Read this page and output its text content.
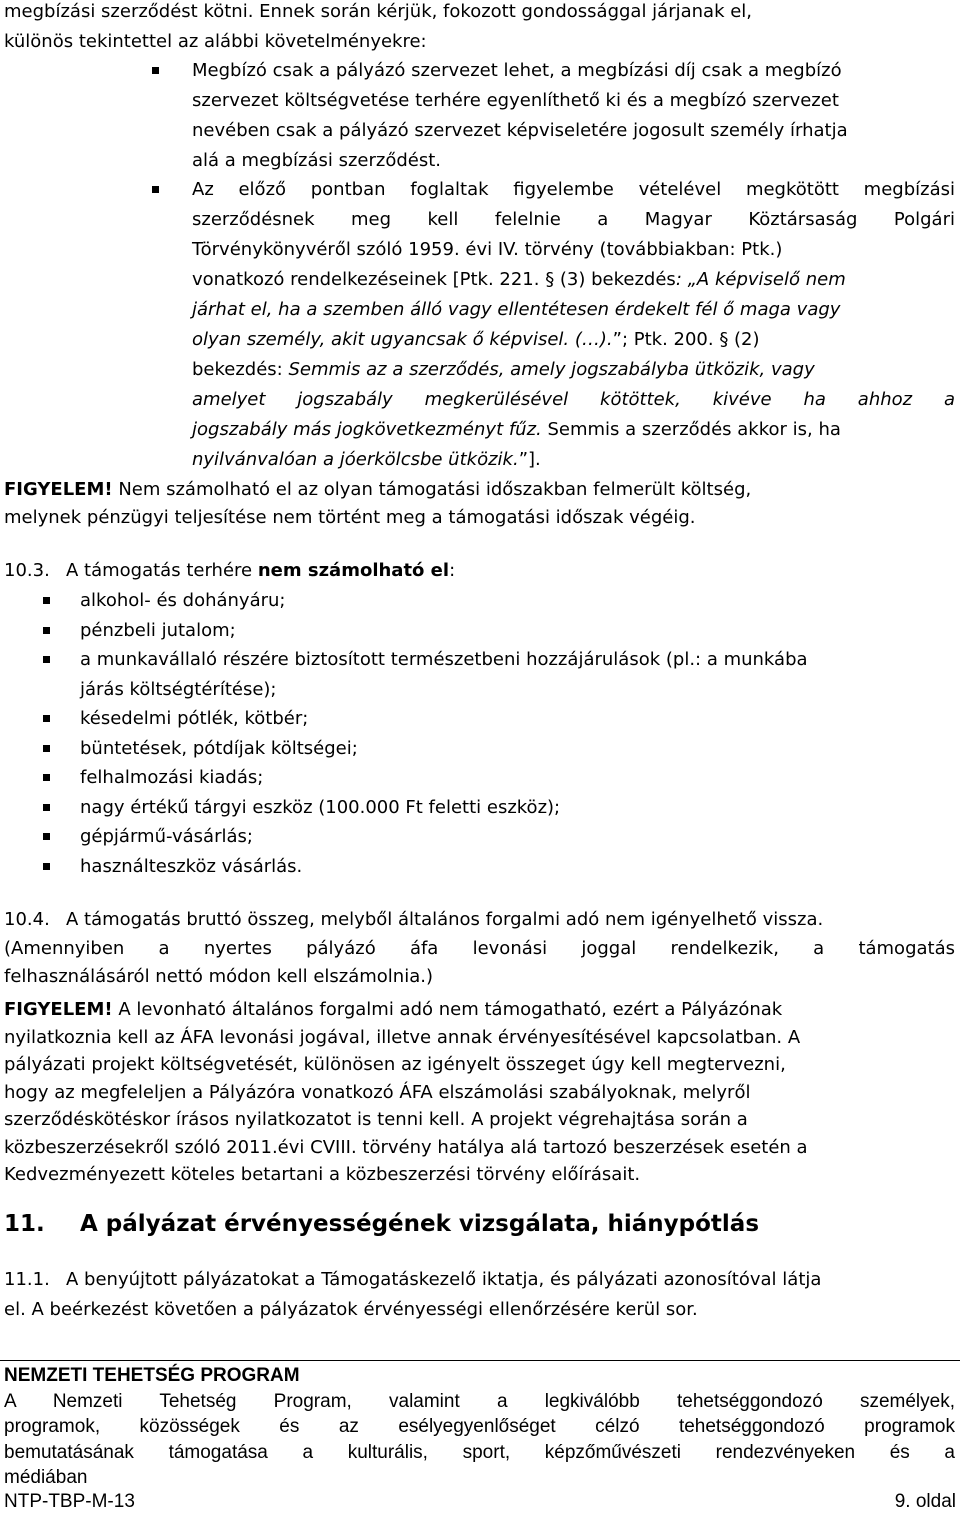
megbízási szerződést kötni. Ennek során kérjük, fokozott gondossággal járjanak el,
különös tekintettel az alábbi követelményekre:
Megbízó csak a pályázó szervezet lehet, a megbízási díj csak a megbízó
szervezet költségvetése terhére egyenlíthető ki és a megbízó szervezet
nevében csak a pályázó szervezet képviseletére jogosult személy írhatja
alá a megbízási szerződést.
Az előző pontban foglaltak figyelembe vételével megkötött megbízási
szerződésnek meg kell felelnie a Magyar Köztársaság Polgári
Törvénykönyvéről szóló 1959. évi IV. törvény (továbbiakban: Ptk.)
vonatkozó rendelkezéseinek [Ptk. 221. § (3) bekezdés: „A képviselő nem
járhat el, ha a szemben álló vagy ellentétesen érdekelt fél ő maga vagy
olyan személy, akit ugyancsak ő képvisel. (…).”; Ptk. 200. § (2)
bekezdés: Semmis az a szerződés, amely jogszabályba ütközik, vagy
amelyet jogszabály megkerülésével kötöttek, kivéve ha ahhoz a
jogszabály más jogkövetkezményt fűz. Semmis a szerződés akkor is, ha
nyilvánvalóan a jóerkölcsbe ütközik.”].
FIGYELEM! Nem számolható el az olyan támogatási időszakban felmerült költség,
melynek pénzügyi teljesítése nem történt meg a támogatási időszak végéig.
10.3. A támogatás terhére nem számolható el:
alkohol- és dohányáru;
pénzbeli jutalom;
a munkavállaló részére biztosított természetbeni hozzájárulások (pl.: a munkába
járás költségtérítése);
késedelmi pótlék, kötbér;
büntetések, pótdíjak költségei;
felhalmozási kiadás;
nagy értékű tárgyi eszköz (100.000 Ft feletti eszköz);
gépjármű-vásárlás;
használteszköz vásárlás.
10.4. A támogatás bruttó összeg, melyből általános forgalmi adó nem igényelhető vissza.
(Amennyiben a nyertes pályázó áfa levonási joggal rendelkezik, a támogatás
felhasználásáról nettó módon kell elszámolnia.)
FIGYELEM! A levonható általános forgalmi adó nem támogatható, ezért a Pályázónak
nyilatkoznia kell az ÁFA levonási jogával, illetve annak érvényesítésével kapcsolatban. A
pályázati projekt költségvetését, különösen az igényelt összeget úgy kell megtervezni,
hogy az megfeleljen a Pályázóra vonatkozó ÁFA elszámolási szabályoknak, melyről
szerződéskötéskor írásos nyilatkozatot is tenni kell. A projekt végrehajtása során a
közbeszerzésekről szóló 2011.évi CVIII. törvény hatálya alá tartozó beszerzések esetén a
Kedvezményezett köteles betartani a közbeszerzési törvény előírásait.
11. A pályázat érvényességének vizsgálata, hiánypótlás
11.1. A benyújtott pályázatokat a Támogatáskezelő iktatja, és pályázati azonosítóval látja
el. A beérkezést követően a pályázatok érvényességi ellenőrzésére kerül sor.
NEMZETI TEHETSÉG PROGRAM
A Nemzeti Tehetség Program, valamint a legkiválóbb tehetséggondozó személyek,
programok, közösségek és az esélyegyenlőséget célzó tehetséggondozó programok
bemutatásának támogatása a kulturális, sport, képzőművészeti rendezvényeken és a
médiában
NTP-TBP-M-13	9. oldal
